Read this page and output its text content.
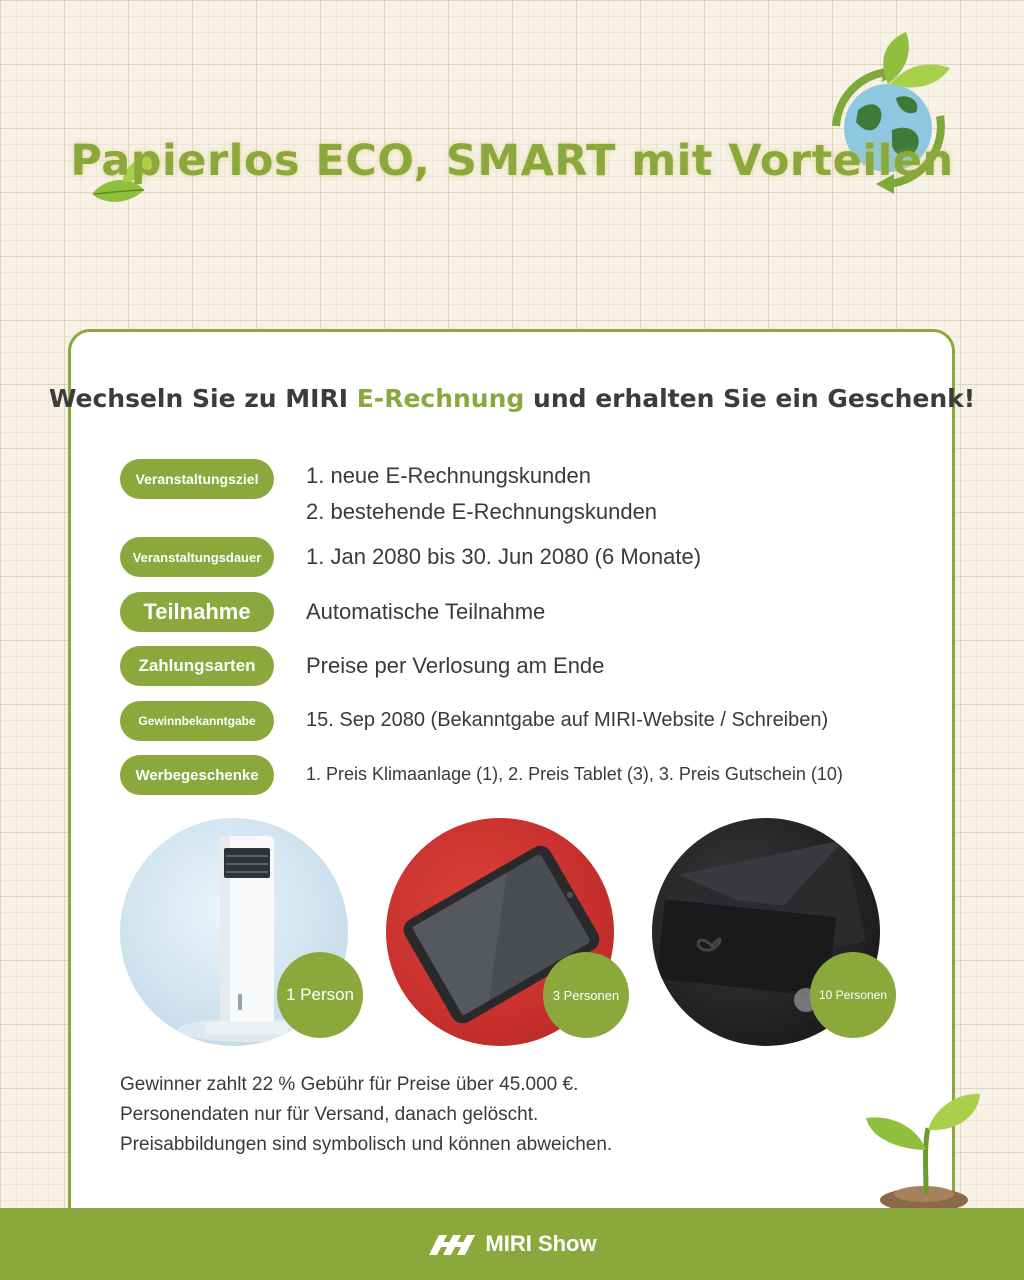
Papierlos ECO, SMART mit Vorteilen
Wechseln Sie zu MIRI E-Rechnung und erhalten Sie ein Geschenk!
Veranstaltungsziel	1. neue E-Rechnungskunden
2. bestehende E-Rechnungskunden
Veranstaltungsdauer	1. Jan 2080 bis 30. Jun 2080 (6 Monate)
Teilnahme	Automatische Teilnahme
Zahlungsarten	Preise per Verlosung am Ende
Gewinnbekanntgabe	15. Sep 2080 (Bekanntgabe auf MIRI-Website / Schreiben)
Werbegeschenke	1. Preis Klimaanlage (1), 2. Preis Tablet (3), 3. Preis Gutschein (10)
1 Person	3 Personen	10 Personen
Gewinner zahlt 22 % Gebühr für Preise über 45.000 €.
Personendaten nur für Versand, danach gelöscht.
Preisabbildungen sind symbolisch und können abweichen.
MIRI Show
